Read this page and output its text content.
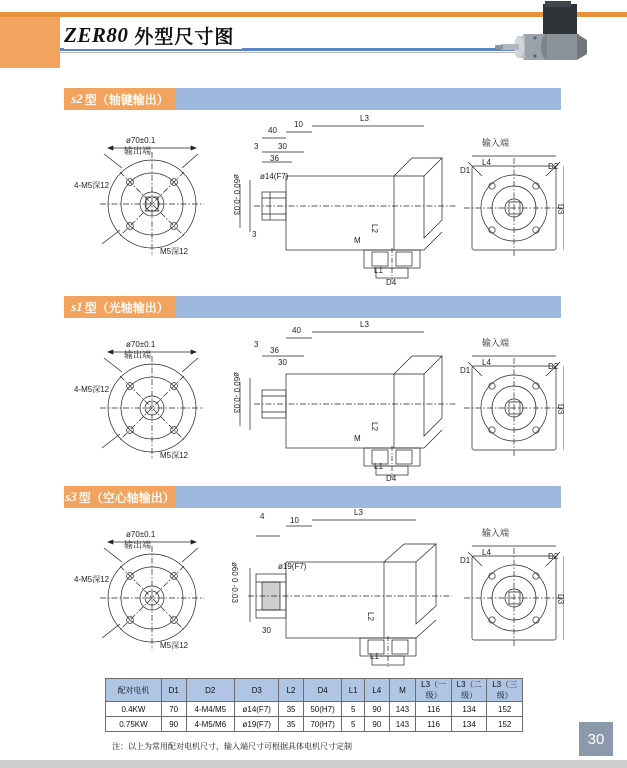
ZER80 外型尺寸图
s2 型（轴键输出）
输出端
输入端
4-M5深12
M5深12
ø70±0.1
ø60 0 -0.03
40
10
L3
3 30
36
3
M
L2
D1
D4
L1
ø14(F7)
D2
L4
D3
s1 型（光轴输出）
输出端
输入端
4-M5深12
M5深12
ø70±0.1
ø60 0 -0.03
40
L3
3
36
30
M
L2
D1
D4
L1
D2
L4
D3
s3 型（空心轴输出）
输出端
输入端
4-M5深12
M5深12
ø70±0.1
ø60 0 -0.03
4	L3
10
30
L2
D1
L1
ø19(F7)
D2
L4
D3
配对电机	D1	D2	D3	L2	D4	L1	L4	M	L3（一级）	L3（二级）	L3（三级）
0.4KW	70	4-M4/M5	ø14(F7)	35	50(H7)	5	90	143	116	134	152
0.75KW	90	4-M5/M6	ø19(F7)	35	70(H7)	5	90	143	116	134	152
注：以上为常用配对电机尺寸，输入端尺寸可根据具体电机尺寸定制	30
